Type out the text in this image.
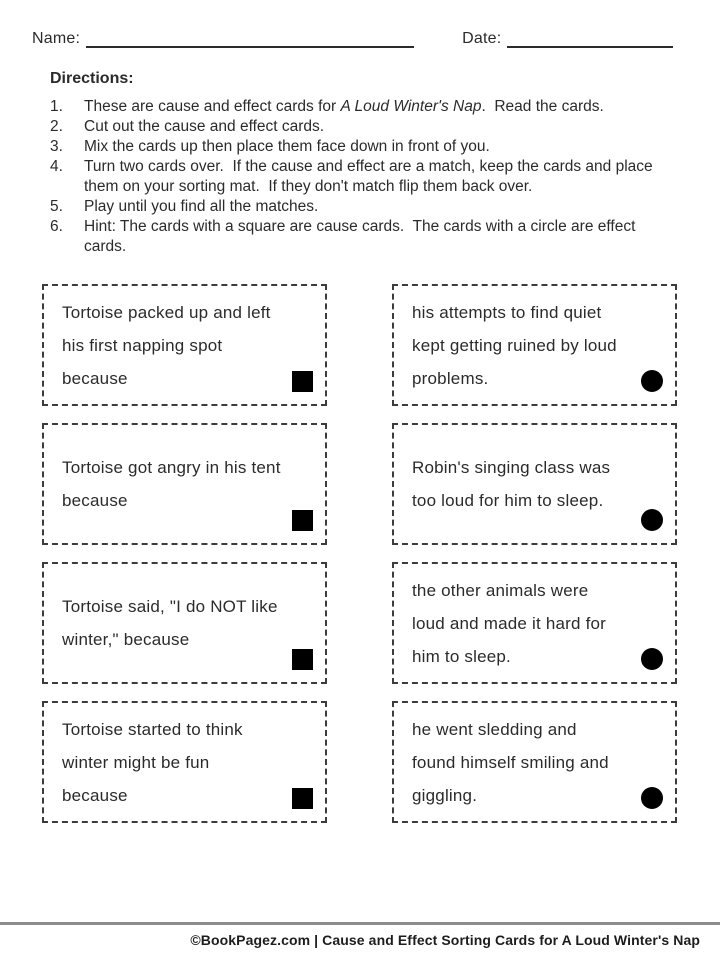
Name:	Date:
Directions:
1.	These are cause and effect cards for A Loud Winter's Nap.  Read the cards.
2.	Cut out the cause and effect cards.
3.	Mix the cards up then place them face down in front of you.
4.	Turn two cards over.  If the cause and effect are a match, keep the cards and place them on your sorting mat.  If they don't match flip them back over.
5.	Play until you find all the matches.
6.	Hint: The cards with a square are cause cards.  The cards with a circle are effect cards.
Tortoise packed up and left
his first napping spot
because
his attempts to find quiet
kept getting ruined by loud
problems.
Tortoise got angry in his tent
because
Robin's singing class was
too loud for him to sleep.
Tortoise said, "I do NOT like
winter," because
the other animals were
loud and made it hard for
him to sleep.
Tortoise started to think
winter might be fun
because
he went sledding and
found himself smiling and
giggling.
©BookPagez.com | Cause and Effect Sorting Cards for A Loud Winter's Nap
